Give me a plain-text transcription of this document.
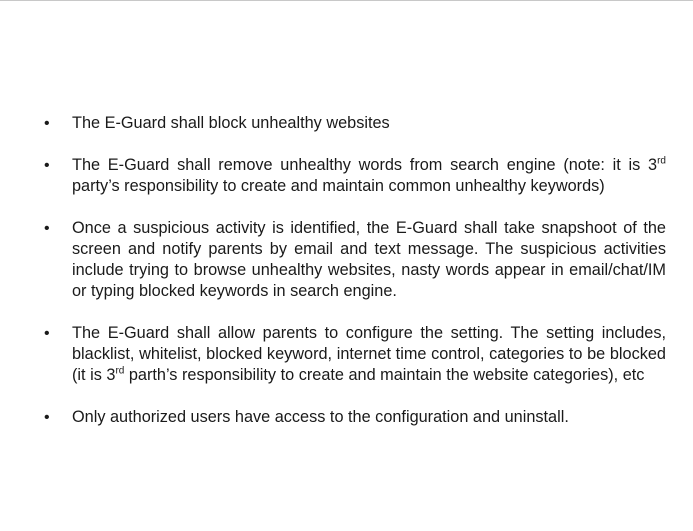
• The E-Guard shall block unhealthy websites
• The E-Guard shall remove unhealthy words from search engine (note: it is 3rd party’s responsibility to create and maintain common unhealthy keywords)
• Once a suspicious activity is identified, the E-Guard shall take snapshoot of the screen and notify parents by email and text message. The suspicious activities include trying to browse unhealthy websites, nasty words appear in email/chat/IM or typing blocked keywords in search engine.
• The E-Guard shall allow parents to configure the setting. The setting includes, blacklist, whitelist, blocked keyword, internet time control, categories to be blocked (it is 3rd parth’s responsibility to create and maintain the website categories), etc
• Only authorized users have access to the configuration and uninstall.
